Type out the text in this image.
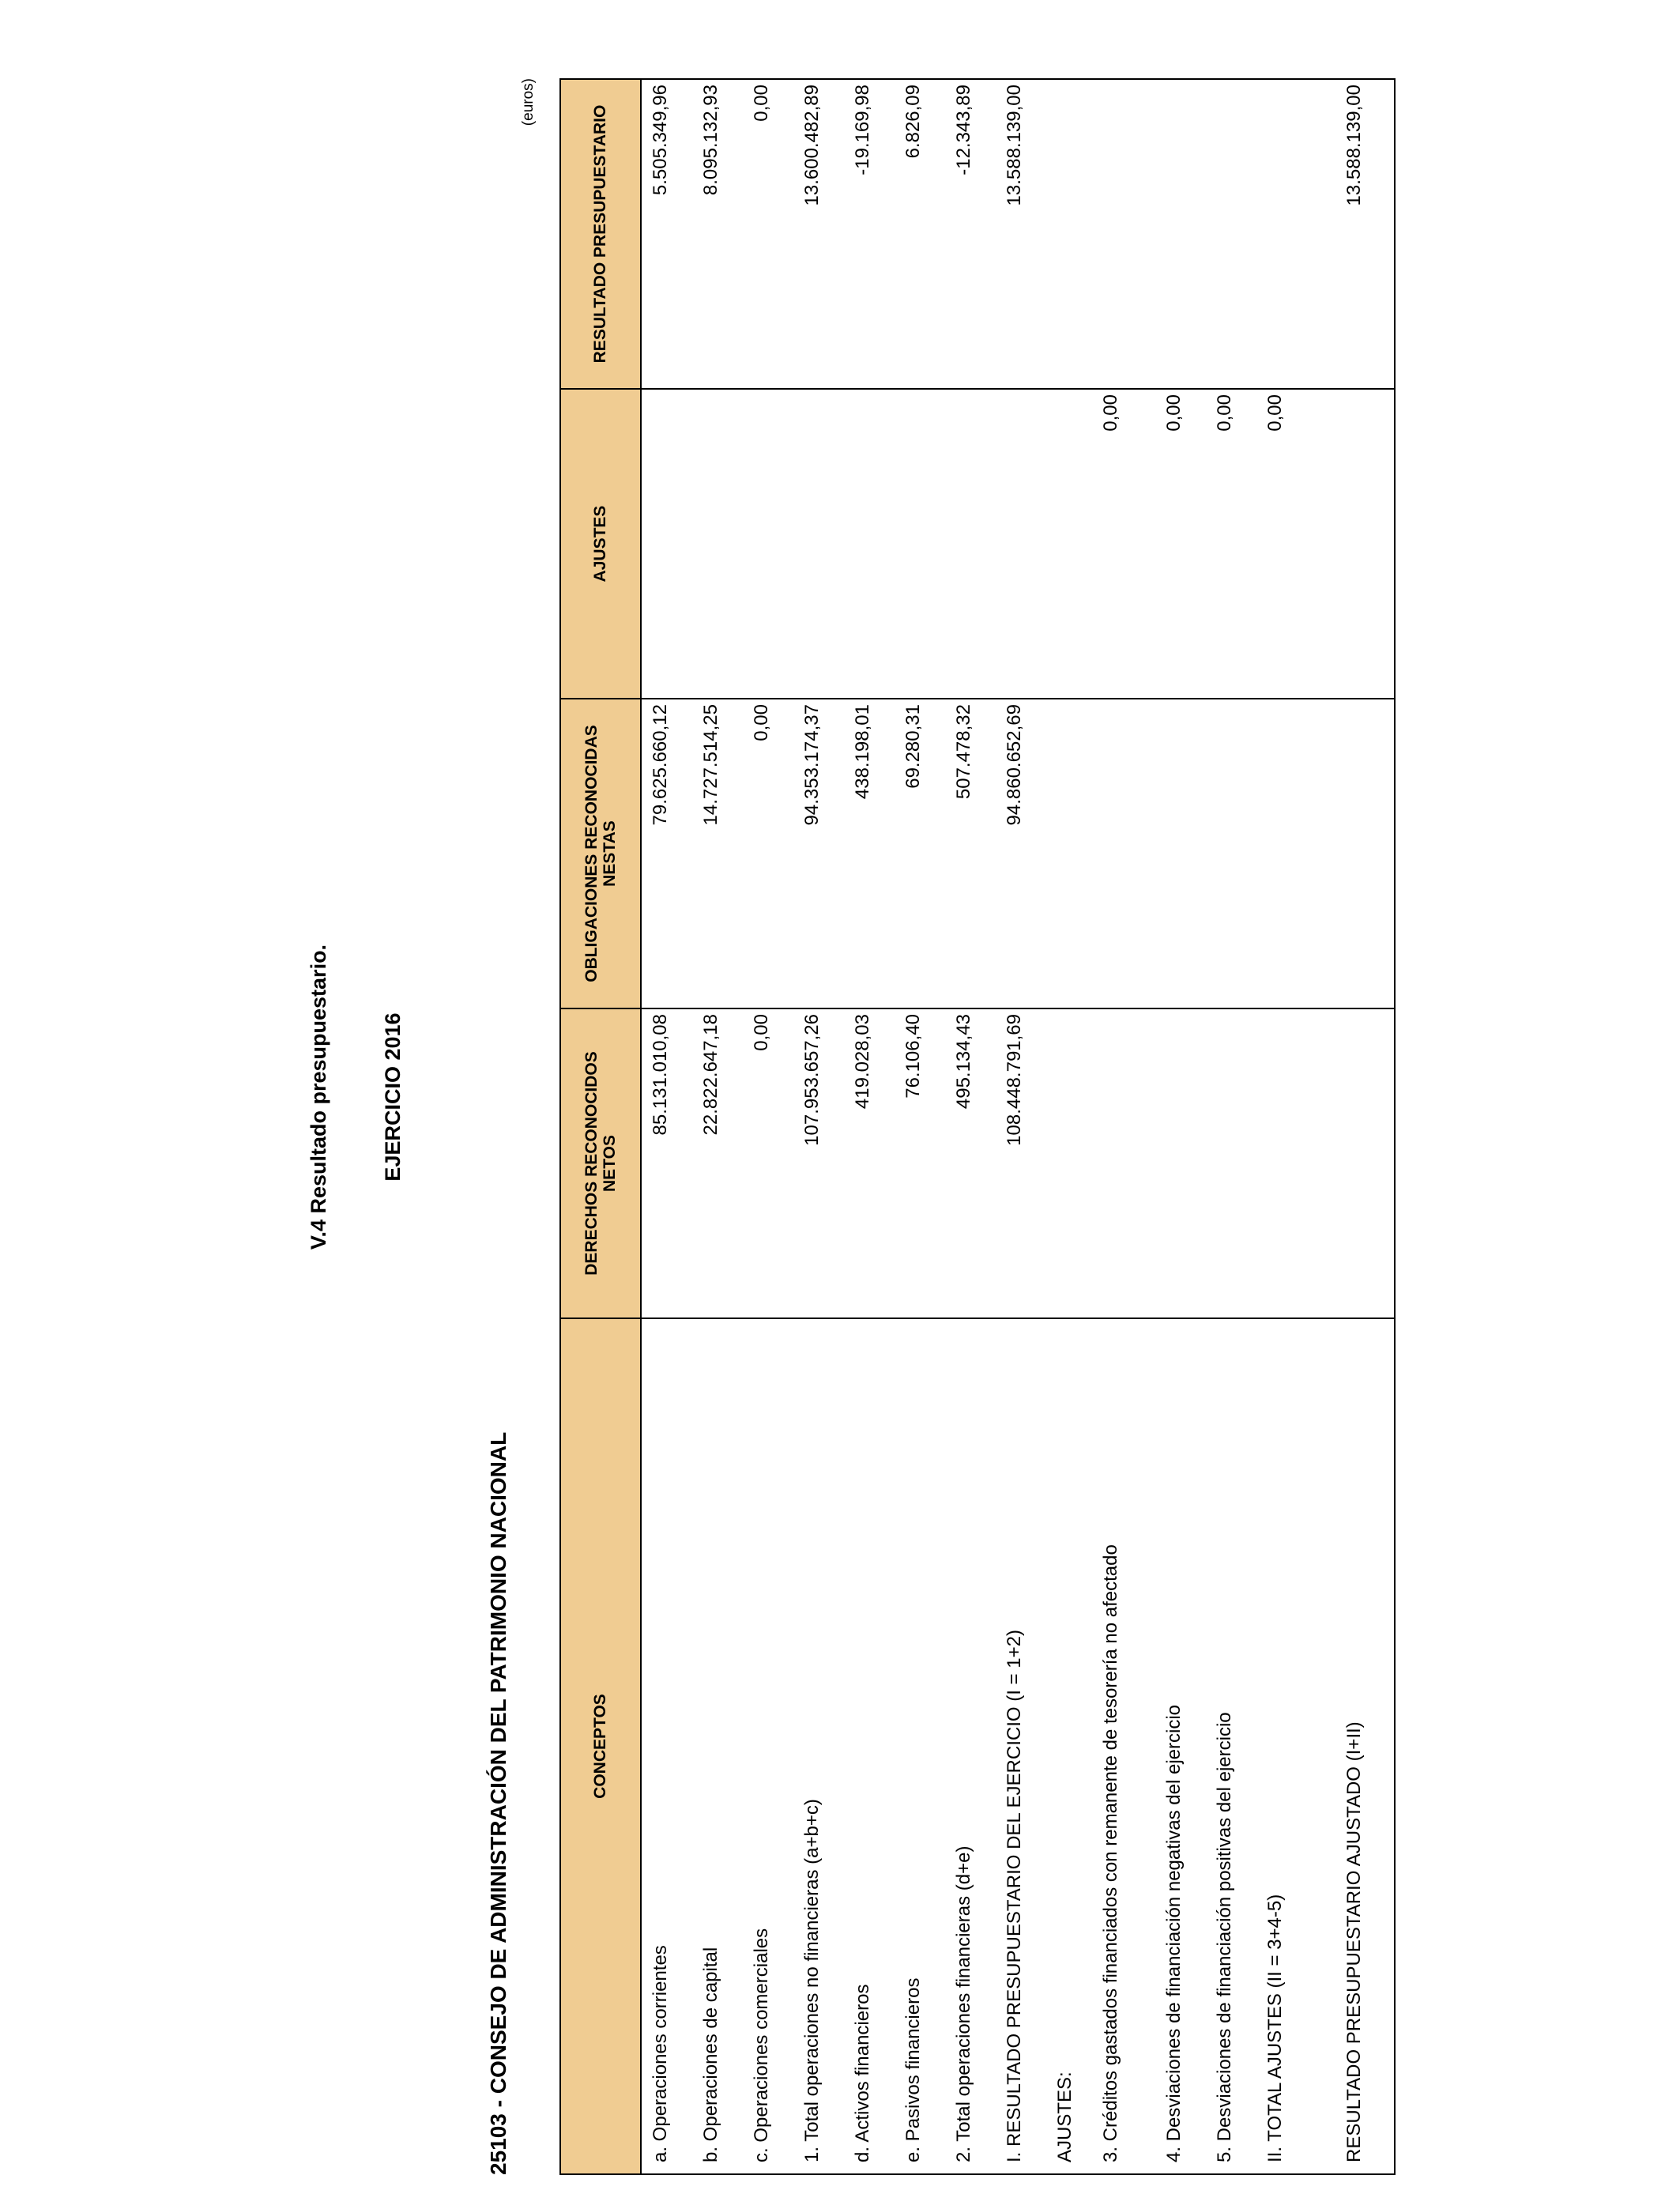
V.4 Resultado presupuestario. EJERCICIO 2016
25103 - CONSEJO DE ADMINISTRACIÓN DEL PATRIMONIO NACIONAL
(euros)
CONCEPTOS	DERECHOS RECONOCIDOS NETOS	OBLIGACIONES RECONOCIDAS NESTAS	AJUSTES	RESULTADO PRESUPUESTARIO
a. Operaciones corrientes	85.131.010,08	79.625.660,12		5.505.349,96
b. Operaciones de capital	22.822.647,18	14.727.514,25		8.095.132,93
c. Operaciones comerciales	0,00	0,00		0,00
1. Total operaciones no financieras (a+b+c)	107.953.657,26	94.353.174,37		13.600.482,89
d. Activos financieros	419.028,03	438.198,01		-19.169,98
e. Pasivos financieros	76.106,40	69.280,31		6.826,09
2. Total operaciones financieras (d+e)	495.134,43	507.478,32		-12.343,89
I. RESULTADO PRESUPUESTARIO DEL EJERCICIO (I = 1+2)	108.448.791,69	94.860.652,69		13.588.139,00
AJUSTES:				
3. Créditos gastados financiados con remanente de tesorería no afectado			0,00	
4. Desviaciones de financiación negativas del ejercicio			0,00	
5. Desviaciones de financiación positivas del ejercicio			0,00	
II. TOTAL AJUSTES (II = 3+4-5)			0,00	

RESULTADO PRESUPUESTARIO AJUSTADO (I+II)				13.588.139,00
